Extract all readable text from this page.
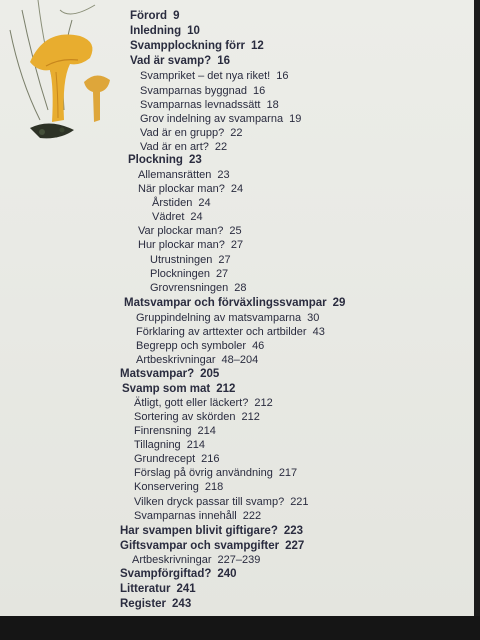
Förord 9
Inledning 10
Svampplockning förr 12
Vad är svamp? 16
Svampriket – det nya riket! 16
Svamparnas byggnad 16
Svamparnas levnadssätt 18
Grov indelning av svamparna 19
Vad är en grupp? 22
Vad är en art? 22
Plockning 23
Allemansrätten 23
När plockar man? 24
Årstiden 24
Vädret 24
Var plockar man? 25
Hur plockar man? 27
Utrustningen 27
Plockningen 27
Grovrensningen 28
Matsvampar och förväxlingssvampar 29
Gruppindelning av matsvamparna 30
Förklaring av arttexter och artbilder 43
Begrepp och symboler 46
Artbeskrivningar 48–204
Matsvampar? 205
Svamp som mat 212
Ätligt, gott eller läckert? 212
Sortering av skörden 212
Finrensning 214
Tillagning 214
Grundrecept 216
Förslag på övrig användning 217
Konservering 218
Vilken dryck passar till svamp? 221
Svamparnas innehåll 222
Har svampen blivit giftigare? 223
Giftsvampar och svampgifter 227
Artbeskrivningar 227–239
Svampförgiftad? 240
Litteratur 241
Register 243
